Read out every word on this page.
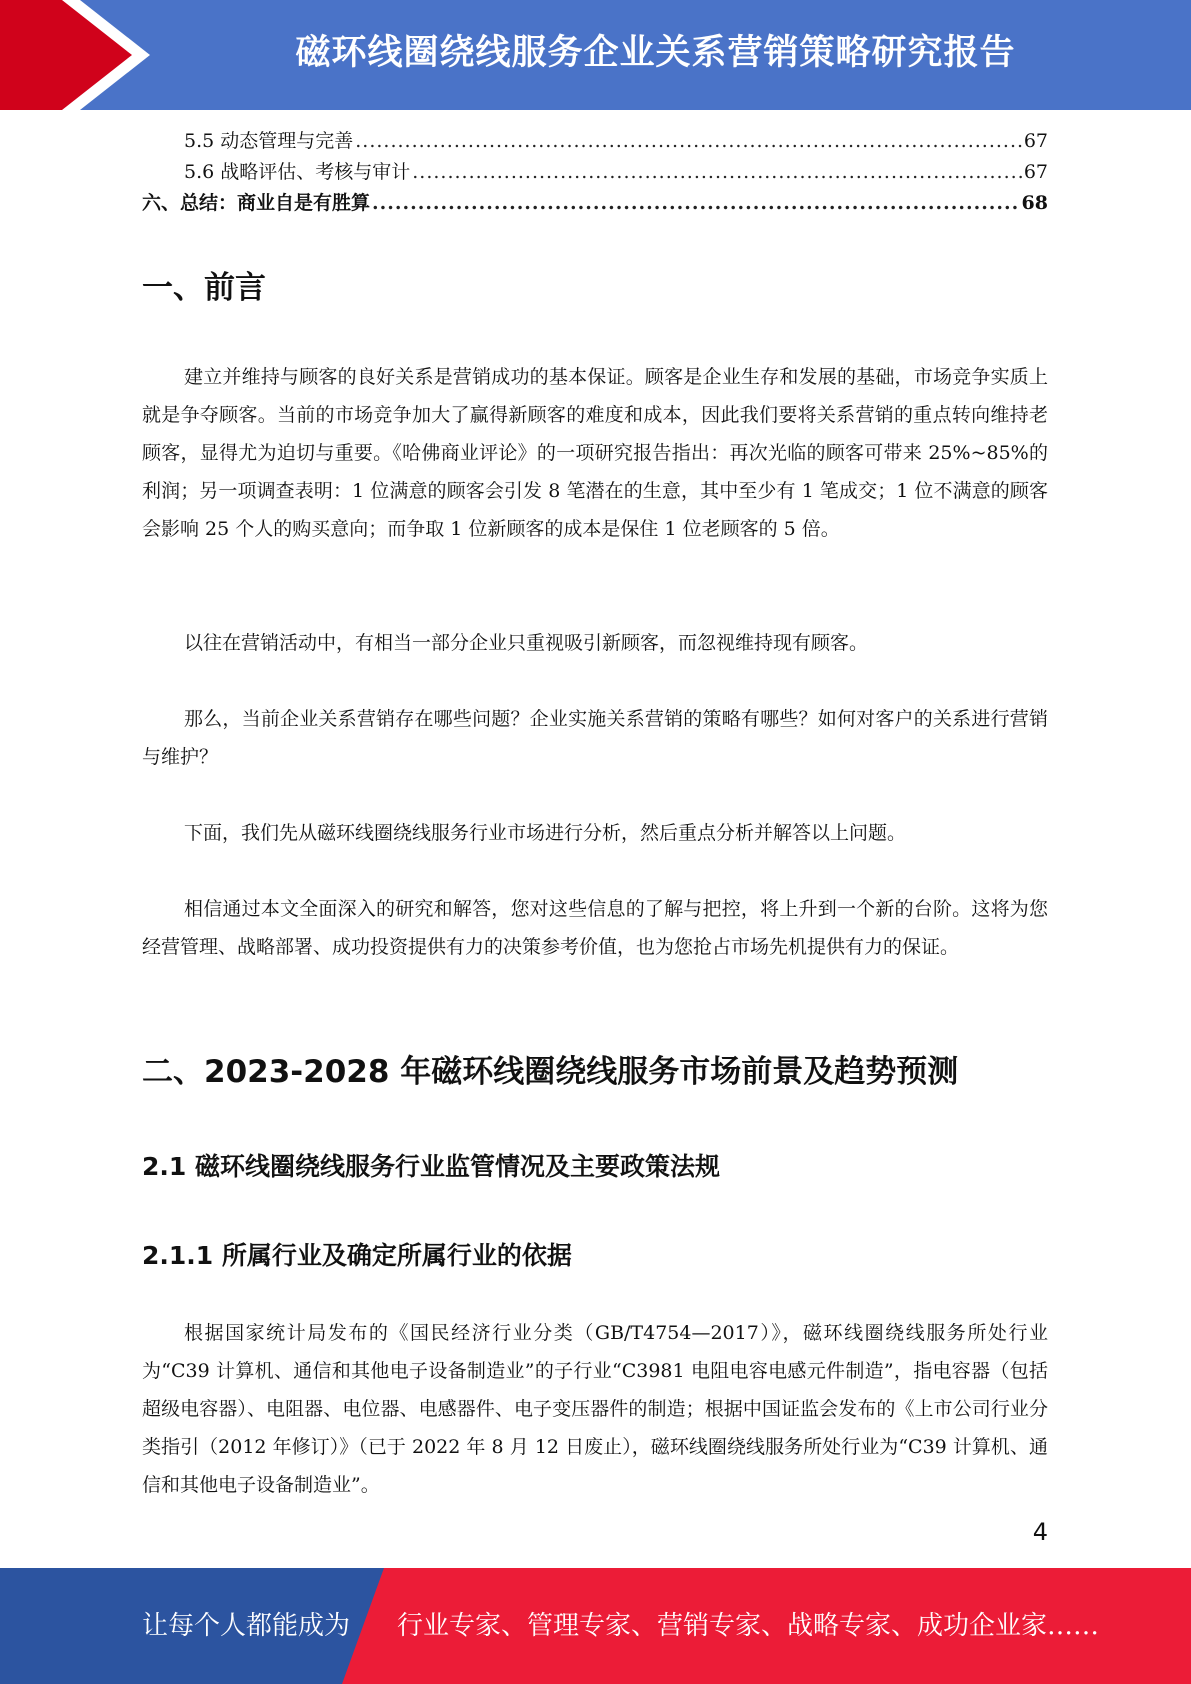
磁环线圈绕线服务企业关系营销策略研究报告
5.5 动态管理与完善 .....	67
5.6 战略评估、考核与审计 .....	67
六、总结：商业自是有胜算 .....	68
一、前言

建立并维持与顾客的良好关系是营销成功的基本保证。顾客是企业生存和发展的基础，市场竞争实质上就是争夺顾客。当前的市场竞争加大了赢得新顾客的难度和成本，因此我们要将关系营销的重点转向维持老顾客，显得尤为迫切与重要。《哈佛商业评论》的一项研究报告指出：再次光临的顾客可带来 25%~85%的利润；另一项调查表明：1 位满意的顾客会引发 8 笔潜在的生意，其中至少有 1 笔成交；1 位不满意的顾客会影响 25 个人的购买意向；而争取 1 位新顾客的成本是保住 1 位老顾客的 5 倍。

以往在营销活动中，有相当一部分企业只重视吸引新顾客，而忽视维持现有顾客。

那么，当前企业关系营销存在哪些问题？企业实施关系营销的策略有哪些？如何对客户的关系进行营销与维护？

下面，我们先从磁环线圈绕线服务行业市场进行分析，然后重点分析并解答以上问题。

相信通过本文全面深入的研究和解答，您对这些信息的了解与把控，将上升到一个新的台阶。这将为您经营管理、战略部署、成功投资提供有力的决策参考价值，也为您抢占市场先机提供有力的保证。

二、2023-2028 年磁环线圈绕线服务市场前景及趋势预测
2.1 磁环线圈绕线服务行业监管情况及主要政策法规
2.1.1 所属行业及确定所属行业的依据

根据国家统计局发布的《国民经济行业分类（GB/T4754—2017）》，磁环线圈绕线服务所处行业为“C39 计算机、通信和其他电子设备制造业”的子行业“C3981 电阻电容电感元件制造”，指电容器（包括超级电容器）、电阻器、电位器、电感器件、电子变压器件的制造；根据中国证监会发布的《上市公司行业分类指引（2012 年修订）》（已于 2022 年 8 月 12 日废止），磁环线圈绕线服务所处行业为“C39 计算机、通信和其他电子设备制造业”。

4
让每个人都能成为 行业专家、管理专家、营销专家、战略专家、成功企业家……
